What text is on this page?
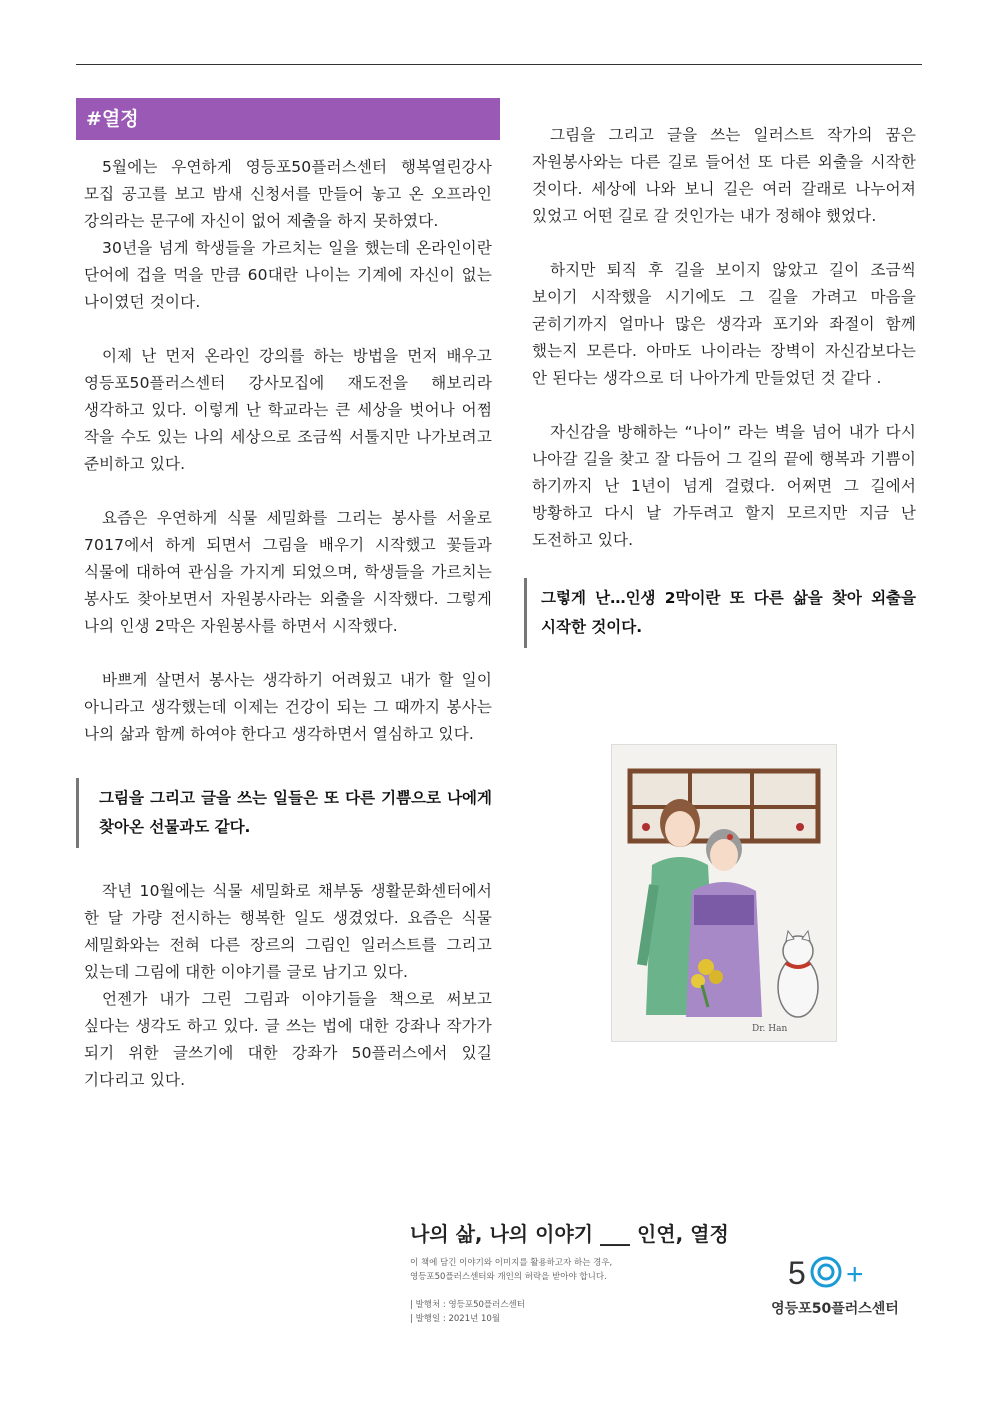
#열정

5월에는 우연하게 영등포50플러스센터 행복열린강사 모집 공고를 보고 밤새 신청서를 만들어 놓고 온 오프라인 강의라는 문구에 자신이 없어 제출을 하지 못하였다.

30년을 넘게 학생들을 가르치는 일을 했는데 온라인이란 단어에 겁을 먹을 만큼 60대란 나이는 기계에 자신이 없는 나이였던 것이다.

이제 난 먼저 온라인 강의를 하는 방법을 먼저 배우고 영등포50플러스센터 강사모집에 재도전을 해보리라 생각하고 있다. 이렇게 난 학교라는 큰 세상을 벗어나 어쩜 작을 수도 있는 나의 세상으로 조금씩 서툴지만 나가보려고 준비하고 있다.

요즘은 우연하게 식물 세밀화를 그리는 봉사를 서울로 7017에서 하게 되면서 그림을 배우기 시작했고 꽃들과 식물에 대하여 관심을 가지게 되었으며, 학생들을 가르치는 봉사도 찾아보면서 자원봉사라는 외출을 시작했다. 그렇게 나의 인생 2막은 자원봉사를 하면서 시작했다.

바쁘게 살면서 봉사는 생각하기 어려웠고 내가 할 일이 아니라고 생각했는데 이제는 건강이 되는 그 때까지 봉사는 나의 삶과 함께 하여야 한다고 생각하면서 열심하고 있다.

그림을 그리고 글을 쓰는 일들은 또 다른 기쁨으로 나에게 찾아온 선물과도 같다.

작년 10월에는 식물 세밀화로 채부동 생활문화센터에서 한 달 가량 전시하는 행복한 일도 생겼었다. 요즘은 식물 세밀화와는 전혀 다른 장르의 그림인 일러스트를 그리고 있는데 그림에 대한 이야기를 글로 남기고 있다.

언젠가 내가 그린 그림과 이야기들을 책으로 써보고 싶다는 생각도 하고 있다. 글 쓰는 법에 대한 강좌나 작가가 되기 위한 글쓰기에 대한 강좌가 50플러스에서 있길 기다리고 있다.

그림을 그리고 글을 쓰는 일러스트 작가의 꿈은 자원봉사와는 다른 길로 들어선 또 다른 외출을 시작한 것이다. 세상에 나와 보니 길은 여러 갈래로 나누어져 있었고 어떤 길로 갈 것인가는 내가 정해야 했었다.

하지만 퇴직 후 길을 보이지 않았고 길이 조금씩 보이기 시작했을 시기에도 그 길을 가려고 마음을 굳히기까지 얼마나 많은 생각과 포기와 좌절이 함께 했는지 모른다. 아마도 나이라는 장벽이 자신감보다는 안 된다는 생각으로 더 나아가게 만들었던 것 같다 .

자신감을 방해하는 “나이” 라는 벽을 넘어 내가 다시 나아갈 길을 찾고 잘 다듬어 그 길의 끝에 행복과 기쁨이 하기까지 난 1년이 넘게 걸렸다. 어쩌면 그 길에서 방황하고 다시 날 가두려고 할지 모르지만 지금 난 도전하고 있다.

그렇게 난…인생 2막이란 또 다른 삶을 찾아 외출을 시작한 것이다.
Dr. Han
나의 삶, 나의 이야기 ___ 인연, 열정
이 책에 담긴 이야기와 이미지를 활용하고자 하는 경우,
영등포50플러스센터와 개인의 허락을 받아야 합니다.
| 발행처 : 영등포50플러스센터
| 발행일 : 2021년 10월
5 +
영등포50플러스센터
